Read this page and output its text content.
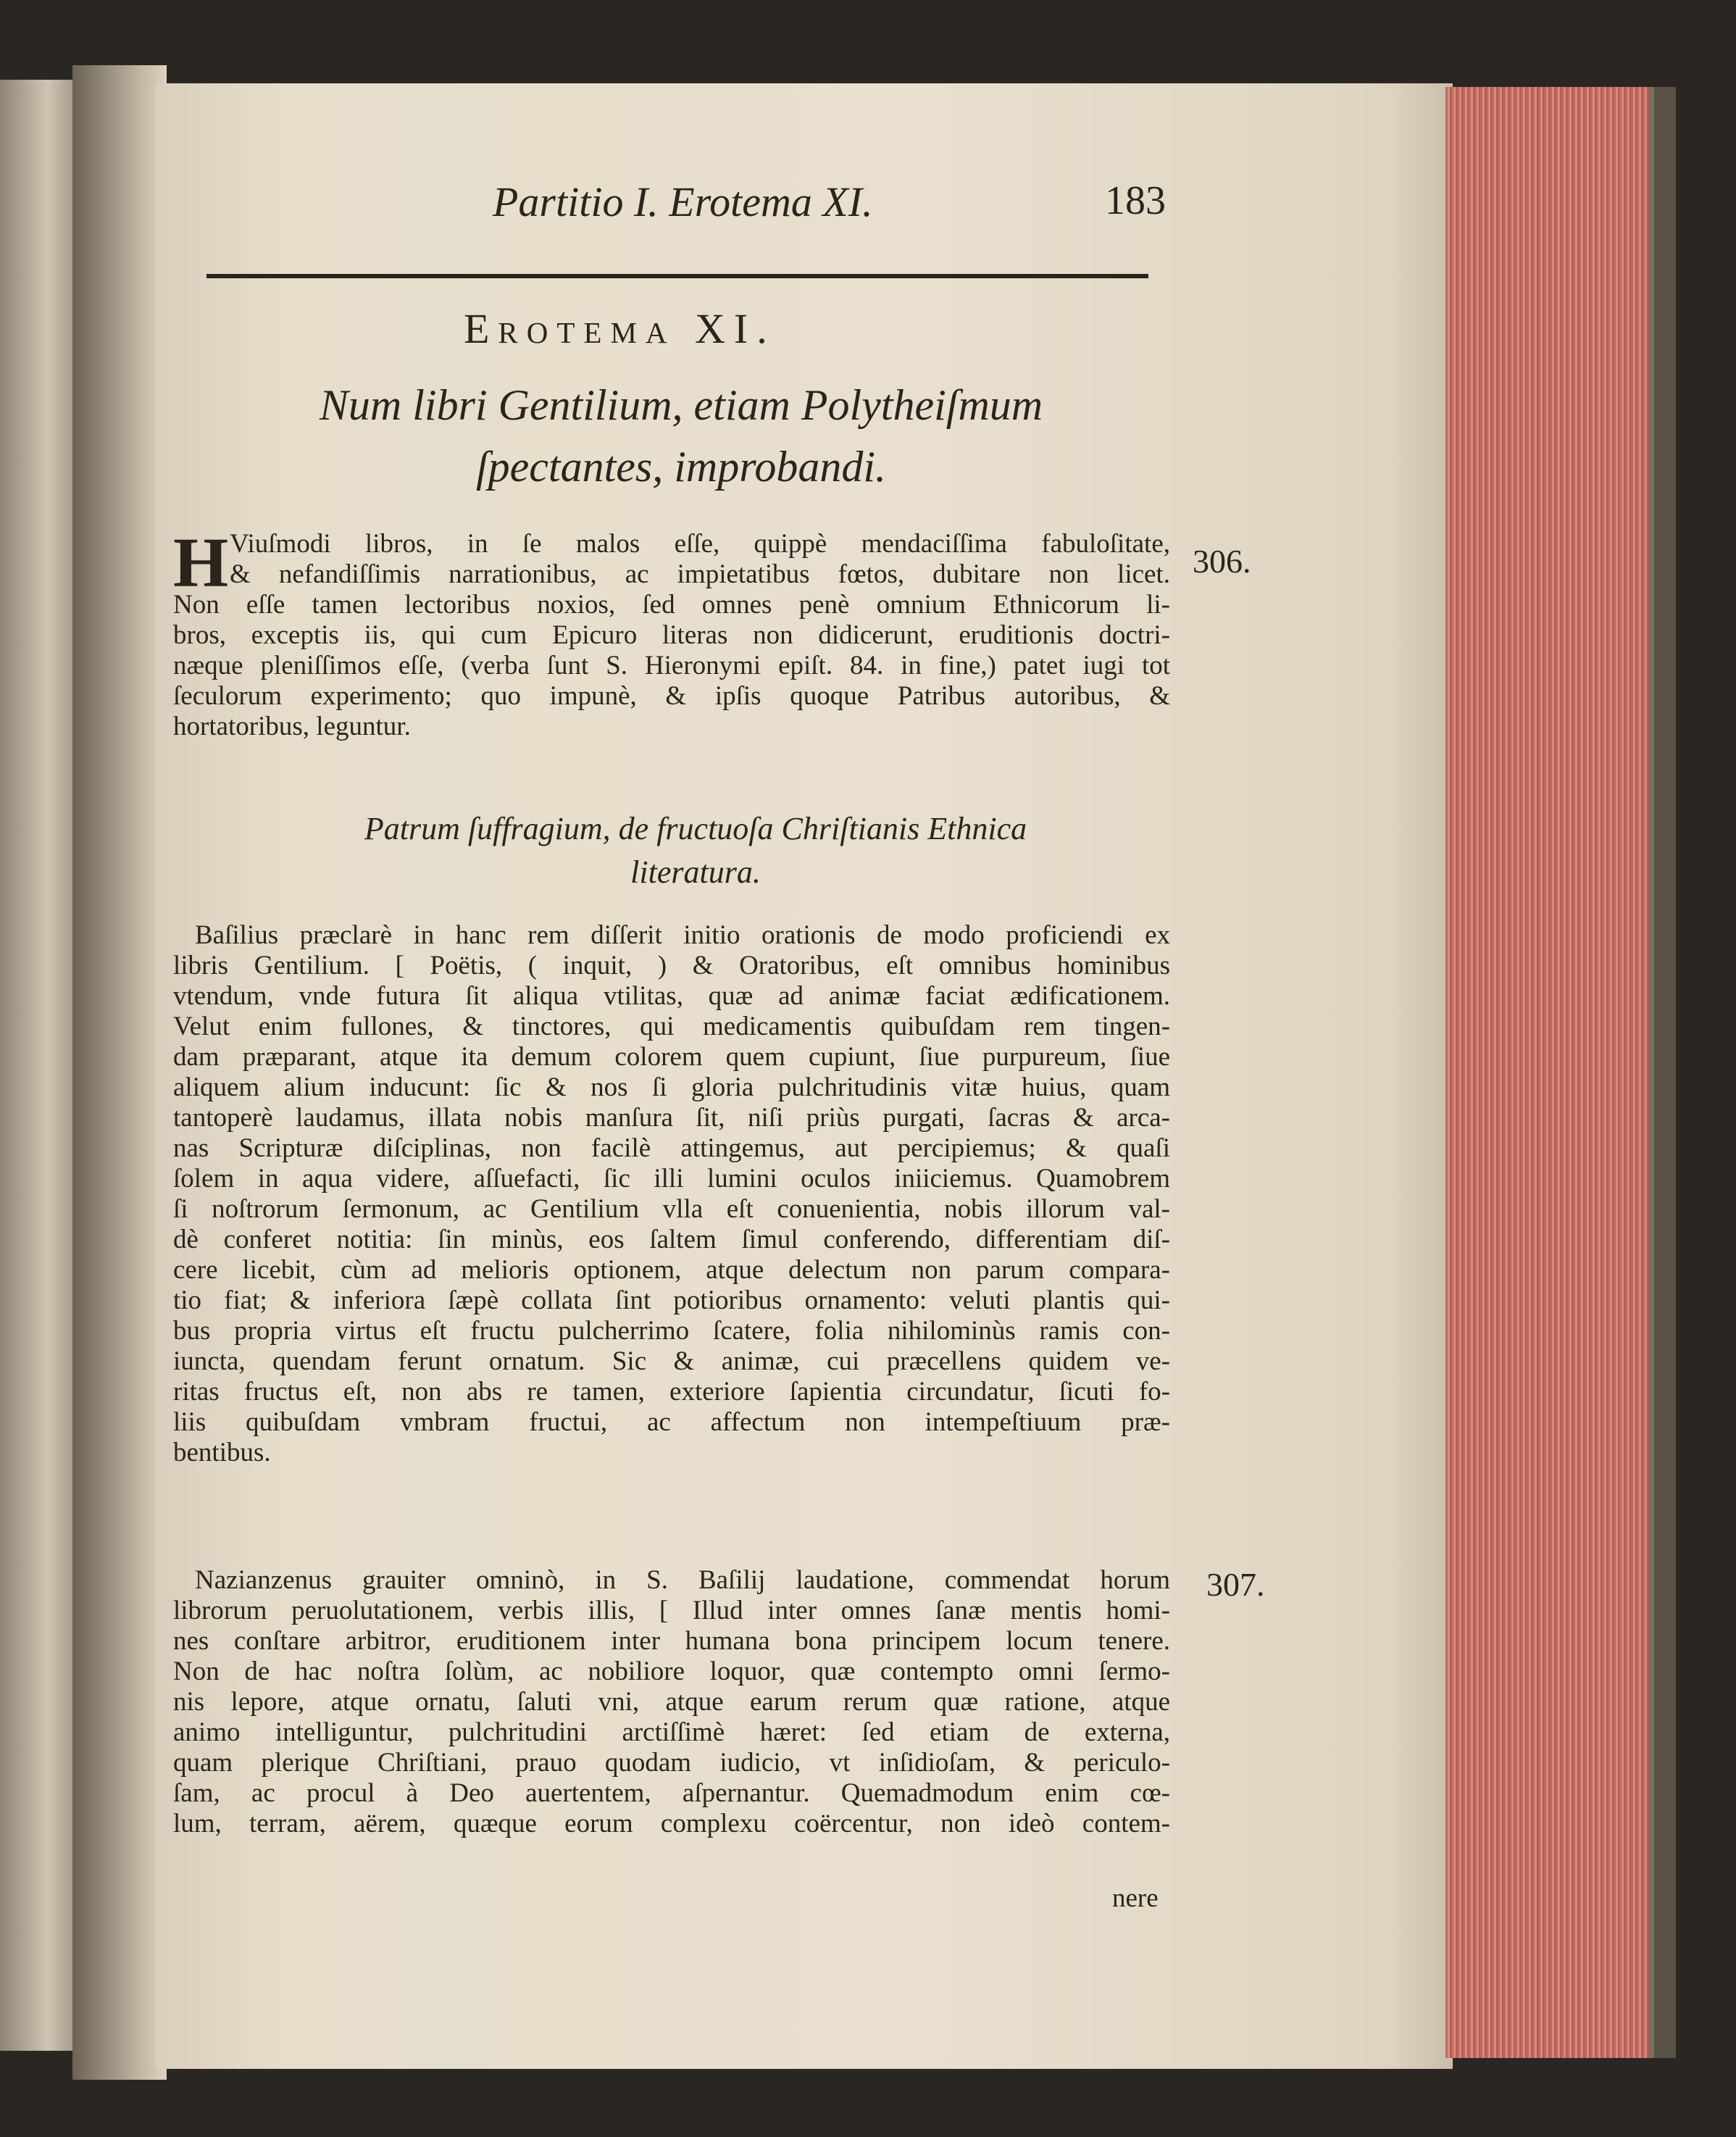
Partitio I. Erotema XI.	183
Erotema XI.
Num libri Gentilium, etiam Polytheiſmum
ſpectantes, improbandi.
H Viuſmodi libros, in ſe malos eſſe, quippè mendaciſſima fabuloſitate,
& nefandiſſimis narrationibus, ac impietatibus fœtos, dubitare non licet.
Non eſſe tamen lectoribus noxios, ſed omnes penè omnium Ethnicorum li-
bros, exceptis iis, qui cum Epicuro literas non didicerunt, eruditionis doctri-
næque pleniſſimos eſſe, (verba ſunt S. Hieronymi epiſt. 84. in fine,) patet iugi tot
ſeculorum experimento; quo impunè, & ipſis quoque Patribus autoribus, &
hortatoribus, leguntur.
Patrum ſuffragium, de fructuoſa Chriſtianis Ethnica
literatura.
Baſilius præclarè in hanc rem diſſerit initio orationis de modo proficiendi ex
libris Gentilium. [ Poëtis, ( inquit, ) & Oratoribus, eſt omnibus hominibus
vtendum, vnde futura ſit aliqua vtilitas, quæ ad animæ faciat ædificationem.
Velut enim fullones, & tinctores, qui medicamentis quibuſdam rem tingen-
dam præparant, atque ita demum colorem quem cupiunt, ſiue purpureum, ſiue
aliquem alium inducunt: ſic & nos ſi gloria pulchritudinis vitæ huius, quam
tantoperè laudamus, illata nobis manſura ſit, niſi priùs purgati, ſacras & arca-
nas Scripturæ diſciplinas, non facilè attingemus, aut percipiemus; & quaſi
ſolem in aqua videre, aſſuefacti, ſic illi lumini oculos iniiciemus. Quamobrem
ſi noſtrorum ſermonum, ac Gentilium vlla eſt conuenientia, nobis illorum val-
dè conferet notitia: ſin minùs, eos ſaltem ſimul conferendo, differentiam diſ-
cere licebit, cùm ad melioris optionem, atque delectum non parum compara-
tio fiat; & inferiora ſæpè collata ſint potioribus ornamento: veluti plantis qui-
bus propria virtus eſt fructu pulcherrimo ſcatere, folia nihilominùs ramis con-
iuncta, quendam ferunt ornatum. Sic & animæ, cui præcellens quidem ve-
ritas fructus eſt, non abs re tamen, exteriore ſapientia circundatur, ſicuti fo-
liis quibuſdam vmbram fructui, ac affectum non intempeſtiuum præ-
bentibus.
Nazianzenus grauiter omninò, in S. Baſilij laudatione, commendat horum
librorum peruolutationem, verbis illis, [ Illud inter omnes ſanæ mentis homi-
nes conſtare arbitror, eruditionem inter humana bona principem locum tenere.
Non de hac noſtra ſolùm, ac nobiliore loquor, quæ contempto omni ſermo-
nis lepore, atque ornatu, ſaluti vni, atque earum rerum quæ ratione, atque
animo intelliguntur, pulchritudini arctiſſimè hæret: ſed etiam de externa,
quam plerique Chriſtiani, prauo quodam iudicio, vt inſidioſam, & periculo-
ſam, ac procul à Deo auertentem, aſpernantur. Quemadmodum enim cœ-
lum, terram, aërem, quæque eorum complexu coërcentur, non ideò contem-
nere
306.
307.
